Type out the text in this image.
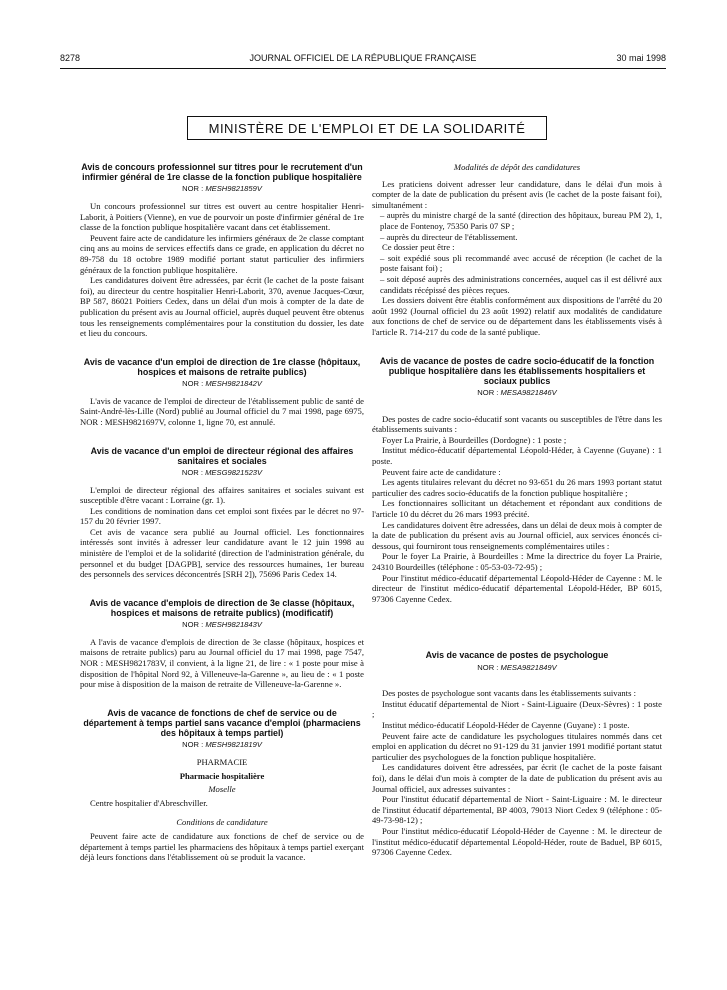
8278	JOURNAL OFFICIEL DE LA RÉPUBLIQUE FRANÇAISE	30 mai 1998
MINISTÈRE DE L'EMPLOI ET DE LA SOLIDARITÉ
Avis de concours professionnel sur titres pour le recrutement d'un infirmier général de 1re classe de la fonction publique hospitalière
NOR : MESH9821859V

Un concours professionnel sur titres est ouvert au centre hospitalier Henri-Laborit, à Poitiers (Vienne), en vue de pourvoir un poste d'infirmier général de 1re classe de la fonction publique hospitalière vacant dans cet établissement.

Peuvent faire acte de candidature les infirmiers généraux de 2e classe comptant cinq ans au moins de services effectifs dans ce grade, en application du décret no 89-758 du 18 octobre 1989 modifié portant statut particulier des infirmiers généraux de la fonction publique hospitalière.

Les candidatures doivent être adressées, par écrit (le cachet de la poste faisant foi), au directeur du centre hospitalier Henri-Laborit, 370, avenue Jacques-Cœur, BP 587, 86021 Poitiers Cedex, dans un délai d'un mois à compter de la date de publication du présent avis au Journal officiel, auprès duquel peuvent être obtenus tous les renseignements complémentaires pour la constitution du dossier, les date et lieu du concours.

Avis de vacance d'un emploi de direction de 1re classe (hôpitaux, hospices et maisons de retraite publics)
NOR : MESH9821842V

L'avis de vacance de l'emploi de directeur de l'établissement public de santé de Saint-André-lès-Lille (Nord) publié au Journal officiel du 7 mai 1998, page 6975, NOR : MESH9821697V, colonne 1, ligne 70, est annulé.

Avis de vacance d'un emploi de directeur régional des affaires sanitaires et sociales
NOR : MESG9821523V

L'emploi de directeur régional des affaires sanitaires et sociales suivant est susceptible d'être vacant : Lorraine (gr. 1).

Les conditions de nomination dans cet emploi sont fixées par le décret no 97-157 du 20 février 1997.

Cet avis de vacance sera publié au Journal officiel. Les fonctionnaires intéressés sont invités à adresser leur candidature avant le 12 juin 1998 au ministère de l'emploi et de la solidarité (direction de l'administration générale, du personnel et du budget [DAGPB], service des ressources humaines, 1er bureau des personnels des services déconcentrés [SRH 2]), 75696 Paris Cedex 14.

Avis de vacance d'emplois de direction de 3e classe (hôpitaux, hospices et maisons de retraite publics) (modificatif)
NOR : MESH9821843V

A l'avis de vacance d'emplois de direction de 3e classe (hôpitaux, hospices et maisons de retraite publics) paru au Journal officiel du 17 mai 1998, page 7547, NOR : MESH9821783V, il convient, à la ligne 21, de lire : « 1 poste pour mise à disposition de l'hôpital Nord 92, à Villeneuve-la-Garenne », au lieu de : « 1 poste pour mise à disposition de la maison de retraite de Villeneuve-la-Garenne ».

Avis de vacance de fonctions de chef de service ou de département à temps partiel sans vacance d'emploi (pharmaciens des hôpitaux à temps partiel)
NOR : MESH9821819V
PHARMACIE
Pharmacie hospitalière
Moselle

Centre hospitalier d'Abreschviller.

Conditions de candidature

Peuvent faire acte de candidature aux fonctions de chef de service ou de département à temps partiel les pharmaciens des hôpitaux à temps partiel exerçant déjà leurs fonctions dans l'établissement où se produit la vacance.

Modalités de dépôt des candidatures

Les praticiens doivent adresser leur candidature, dans le délai d'un mois à compter de la date de publication du présent avis (le cachet de la poste faisant foi), simultanément :

– auprès du ministre chargé de la santé (direction des hôpitaux, bureau PM 2), 1, place de Fontenoy, 75350 Paris 07 SP ;

– auprès du directeur de l'établissement.

Ce dossier peut être :

– soit expédié sous pli recommandé avec accusé de réception (le cachet de la poste faisant foi) ;

– soit déposé auprès des administrations concernées, auquel cas il est délivré aux candidats récépissé des pièces reçues.

Les dossiers doivent être établis conformément aux dispositions de l'arrêté du 20 août 1992 (Journal officiel du 23 août 1992) relatif aux modalités de candidature aux fonctions de chef de service ou de département dans les établissements visés à l'article R. 714-217 du code de la santé publique.

Avis de vacance de postes de cadre socio-éducatif de la fonction publique hospitalière dans les établissements hospitaliers et sociaux publics
NOR : MESA9821846V

Des postes de cadre socio-éducatif sont vacants ou susceptibles de l'être dans les établissements suivants :

Foyer La Prairie, à Bourdeilles (Dordogne) : 1 poste ;

Institut médico-éducatif départemental Léopold-Héder, à Cayenne (Guyane) : 1 poste.

Peuvent faire acte de candidature :

Les agents titulaires relevant du décret no 93-651 du 26 mars 1993 portant statut particulier des cadres socio-éducatifs de la fonction publique hospitalière ;

Les fonctionnaires sollicitant un détachement et répondant aux conditions de l'article 10 du décret du 26 mars 1993 précité.

Les candidatures doivent être adressées, dans un délai de deux mois à compter de la date de publication du présent avis au Journal officiel, aux services énoncés ci-dessous, qui fourniront tous renseignements complémentaires utiles :

Pour le foyer La Prairie, à Bourdeilles : Mme la directrice du foyer La Prairie, 24310 Bourdeilles (téléphone : 05-53-03-72-95) ;

Pour l'institut médico-éducatif départemental Léopold-Héder de Cayenne : M. le directeur de l'institut médico-éducatif départemental Léopold-Héder, BP 6015, 97306 Cayenne Cedex.

Avis de vacance de postes de psychologue
NOR : MESA9821849V

Des postes de psychologue sont vacants dans les établissements suivants :

Institut éducatif départemental de Niort - Saint-Liguaire (Deux-Sèvres) : 1 poste ;

Institut médico-éducatif Léopold-Héder de Cayenne (Guyane) : 1 poste.

Peuvent faire acte de candidature les psychologues titulaires nommés dans cet emploi en application du décret no 91-129 du 31 janvier 1991 modifié portant statut particulier des psychologues de la fonction publique hospitalière.

Les candidatures doivent être adressées, par écrit (le cachet de la poste faisant foi), dans le délai d'un mois à compter de la date de publication du présent avis au Journal officiel, aux adresses suivantes :

Pour l'institut éducatif départemental de Niort - Saint-Liguaire : M. le directeur de l'institut éducatif départemental, BP 4003, 79013 Niort Cedex 9 (téléphone : 05-49-73-98-12) ;

Pour l'institut médico-éducatif Léopold-Héder de Cayenne : M. le directeur de l'institut médico-éducatif départemental Léopold-Héder, route de Baduel, BP 6015, 97306 Cayenne Cedex.
